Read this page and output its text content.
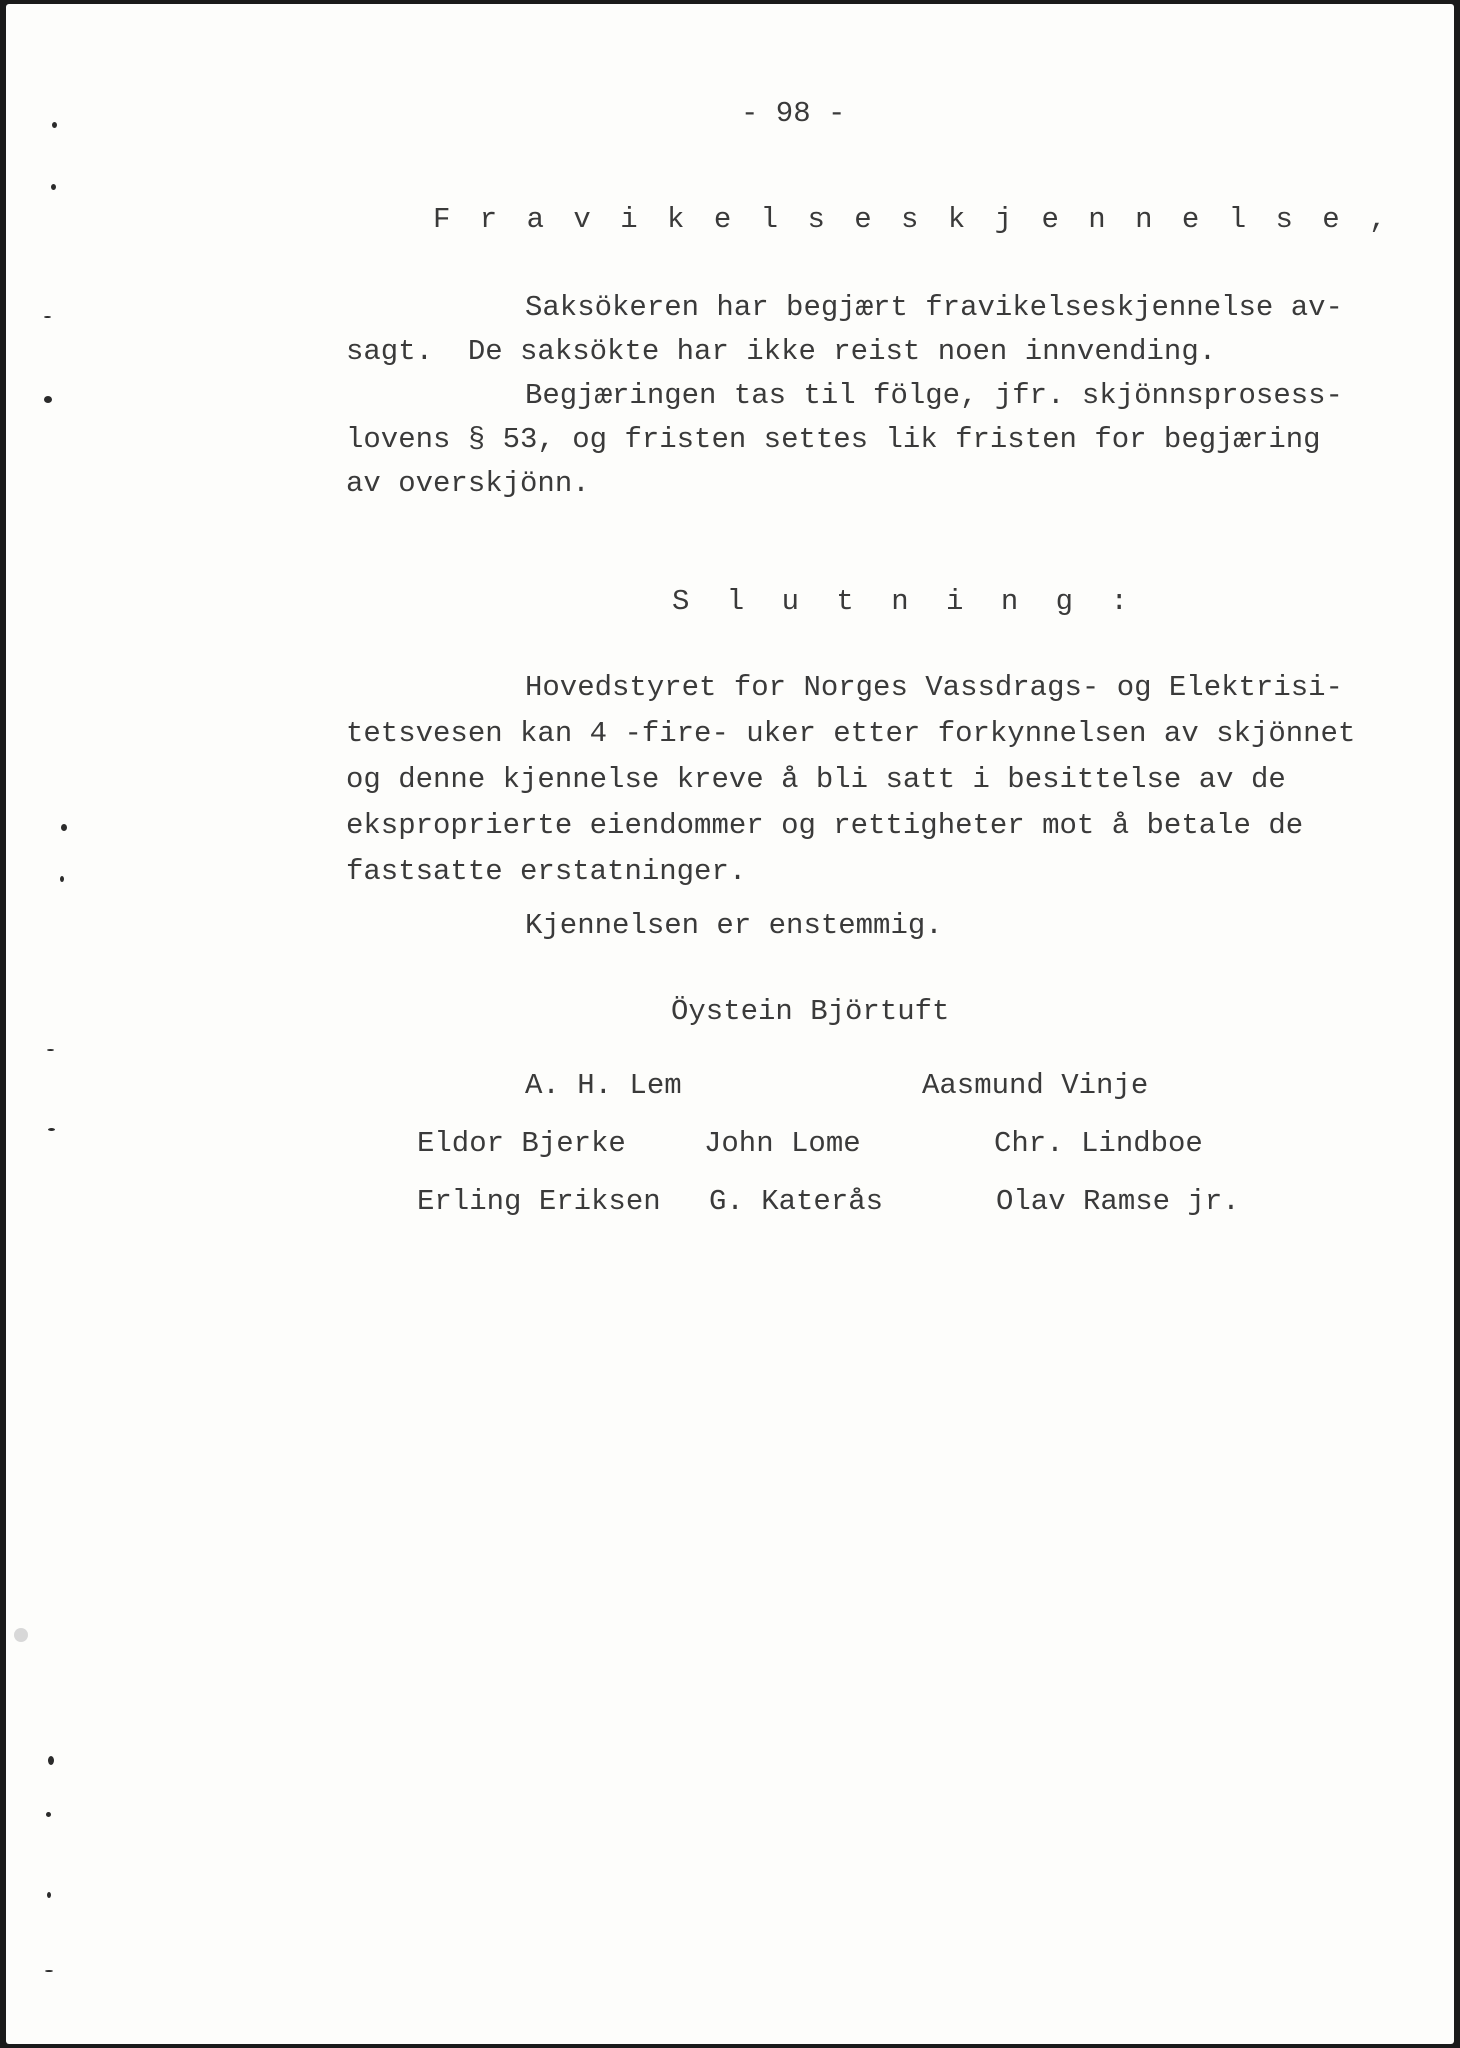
- 98 -
F r a v i k e l s e s k j e n n e l s e ,
Saksökeren har begjært fravikelseskjennelse av-
sagt.  De saksökte har ikke reist noen innvending.
Begjæringen tas til fölge, jfr. skjönnsprosess-
lovens § 53, og fristen settes lik fristen for begjæring
av overskjönn.
S l u t n i n g :
Hovedstyret for Norges Vassdrags- og Elektrisi-
tetsvesen kan 4 -fire- uker etter forkynnelsen av skjönnet
og denne kjennelse kreve å bli satt i besittelse av de
eksproprierte eiendommer og rettigheter mot å betale de
fastsatte erstatninger.
Kjennelsen er enstemmig.
Öystein Björtuft
A. H. Lem	Aasmund Vinje
Eldor Bjerke	John Lome	Chr. Lindboe
Erling Eriksen G. Katerås	Olav Ramse jr.
